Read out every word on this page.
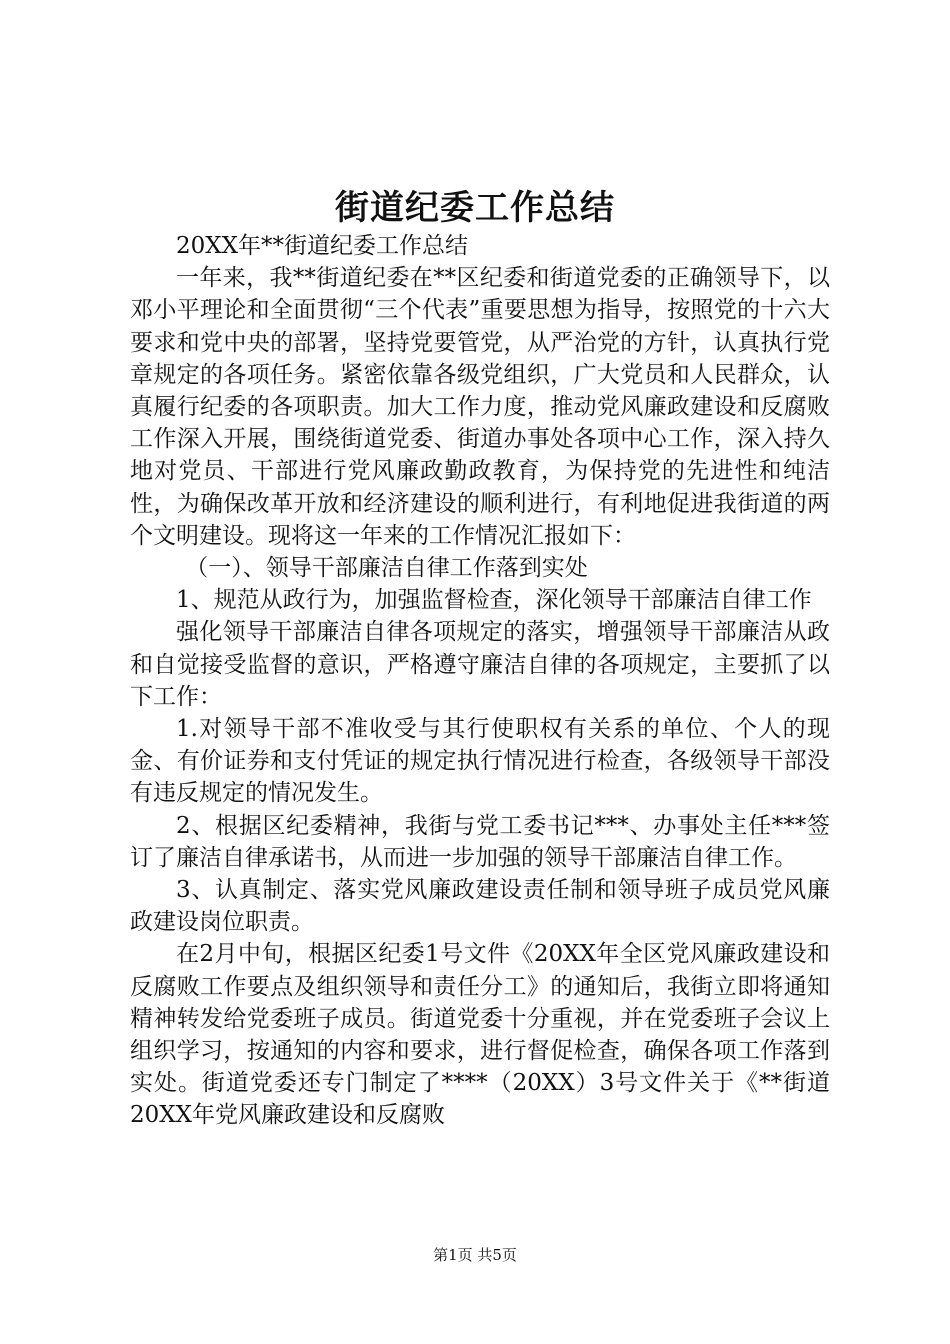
街道纪委工作总结

20XX年**街道纪委工作总结

一年来，我**街道纪委在**区纪委和街道党委的正确领导下，以邓小平理论和全面贯彻“三个代表”重要思想为指导，按照党的十六大要求和党中央的部署，坚持党要管党，从严治党的方针，认真执行党章规定的各项任务。紧密依靠各级党组织，广大党员和人民群众，认真履行纪委的各项职责。加大工作力度，推动党风廉政建设和反腐败工作深入开展，围绕街道党委、街道办事处各项中心工作，深入持久地对党员、干部进行党风廉政勤政教育，为保持党的先进性和纯洁性，为确保改革开放和经济建设的顺利进行，有利地促进我街道的两个文明建设。现将这一年来的工作情况汇报如下：

（一）、领导干部廉洁自律工作落到实处

1、规范从政行为，加强监督检查，深化领导干部廉洁自律工作

强化领导干部廉洁自律各项规定的落实，增强领导干部廉洁从政和自觉接受监督的意识，严格遵守廉洁自律的各项规定，主要抓了以下工作：

1.对领导干部不准收受与其行使职权有关系的单位、个人的现金、有价证券和支付凭证的规定执行情况进行检查，各级领导干部没有违反规定的情况发生。

2、根据区纪委精神，我街与党工委书记***、办事处主任***签订了廉洁自律承诺书，从而进一步加强的领导干部廉洁自律工作。

3、认真制定、落实党风廉政建设责任制和领导班子成员党风廉政建设岗位职责。

在2月中旬，根据区纪委1号文件《20XX年全区党风廉政建设和反腐败工作要点及组织领导和责任分工》的通知后，我街立即将通知精神转发给党委班子成员。街道党委十分重视，并在党委班子会议上组织学习，按通知的内容和要求，进行督促检查，确保各项工作落到实处。街道党委还专门制定了****（20XX）3号文件关于《**街道20XX年党风廉政建设和反腐败

第1页 共5页
